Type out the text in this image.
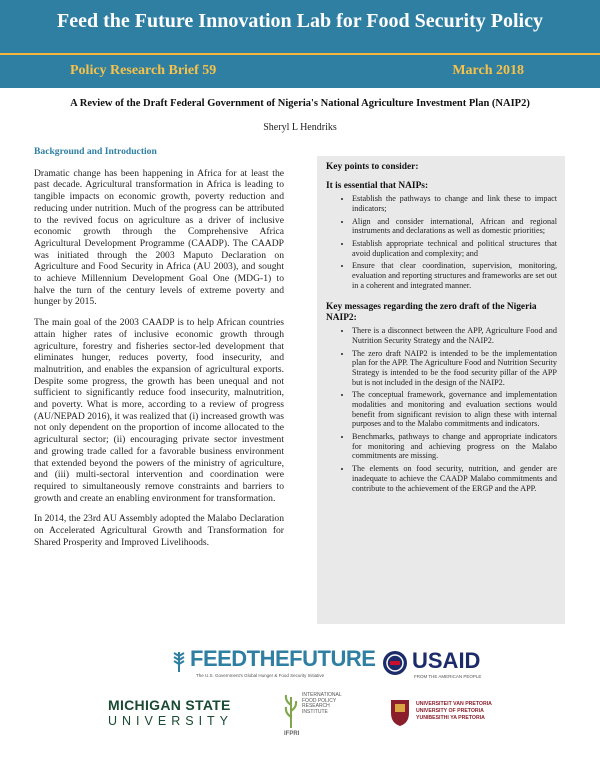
Feed the Future Innovation Lab for Food Security Policy
Policy Research Brief 59	March 2018
A Review of the Draft Federal Government of Nigeria's National Agriculture Investment Plan (NAIP2)
Sheryl L Hendriks
Background and Introduction

Dramatic change has been happening in Africa for at least the past decade. Agricultural transformation in Africa is leading to tangible impacts on economic growth, poverty reduction and reducing under nutrition. Much of the progress can be attributed to the revived focus on agriculture as a driver of inclusive economic growth through the Comprehensive Africa Agricultural Development Programme (CAADP). The CAADP was initiated through the 2003 Maputo Declaration on Agriculture and Food Security in Africa (AU 2003), and sought to achieve Millennium Development Goal One (MDG-1) to halve the turn of the century levels of extreme poverty and hunger by 2015.

The main goal of the 2003 CAADP is to help African countries attain higher rates of inclusive economic growth through agriculture, forestry and fisheries sector-led development that eliminates hunger, reduces poverty, food insecurity, and malnutrition, and enables the expansion of agricultural exports. Despite some progress, the growth has been unequal and not sufficient to significantly reduce food insecurity, malnutrition, and poverty. What is more, according to a review of progress (AU/NEPAD 2016), it was realized that (i) increased growth was not only dependent on the proportion of income allocated to the agricultural sector; (ii) encouraging private sector investment and growing trade called for a favorable business environment that extended beyond the powers of the ministry of agriculture, and (iii) multi-sectoral intervention and coordination were required to simultaneously remove constraints and barriers to growth and create an enabling environment for transformation.

In 2014, the 23rd AU Assembly adopted the Malabo Declaration on Accelerated Agricultural Growth and Transformation for Shared Prosperity and Improved Livelihoods.

Key points to consider:
It is essential that NAIPs:
• Establish the pathways to change and link these to impact indicators;
• Align and consider international, African and regional instruments and declarations as well as domestic priorities;
• Establish appropriate technical and political structures that avoid duplication and complexity; and
• Ensure that clear coordination, supervision, monitoring, evaluation and reporting structures and frameworks are set out in a coherent and integrated manner.
Key messages regarding the zero draft of the Nigeria NAIP2:
• There is a disconnect between the APP, Agriculture Food and Nutrition Security Strategy and the NAIP2.
• The zero draft NAIP2 is intended to be the implementation plan for the APP. The Agriculture Food and Nutrition Security Strategy is intended to be the food security pillar of the APP but is not included in the design of the NAIP2.
• The conceptual framework, governance and implementation modalities and monitoring and evaluation sections would benefit from significant revision to align these with internal purposes and to the Malabo commitments and indicators.
• Benchmarks, pathways to change and appropriate indicators for monitoring and achieving progress on the Malabo commitments are missing.
• The elements on food security, nutrition, and gender are inadequate to achieve the CAADP Malabo commitments and contribute to the achievement of the ERGP and the APP.
FEEDTHEFUTURE
The U.S. Government's Global Hunger & Food Security Initiative
USAID
FROM THE AMERICAN PEOPLE
MICHIGAN STATE
UNIVERSITY
INTERNATIONAL FOOD POLICY RESEARCH INSTITUTE
IFPRI
UNIVERSITEIT VAN PRETORIA
UNIVERSITY OF PRETORIA
YUNIBESITHI YA PRETORIA
